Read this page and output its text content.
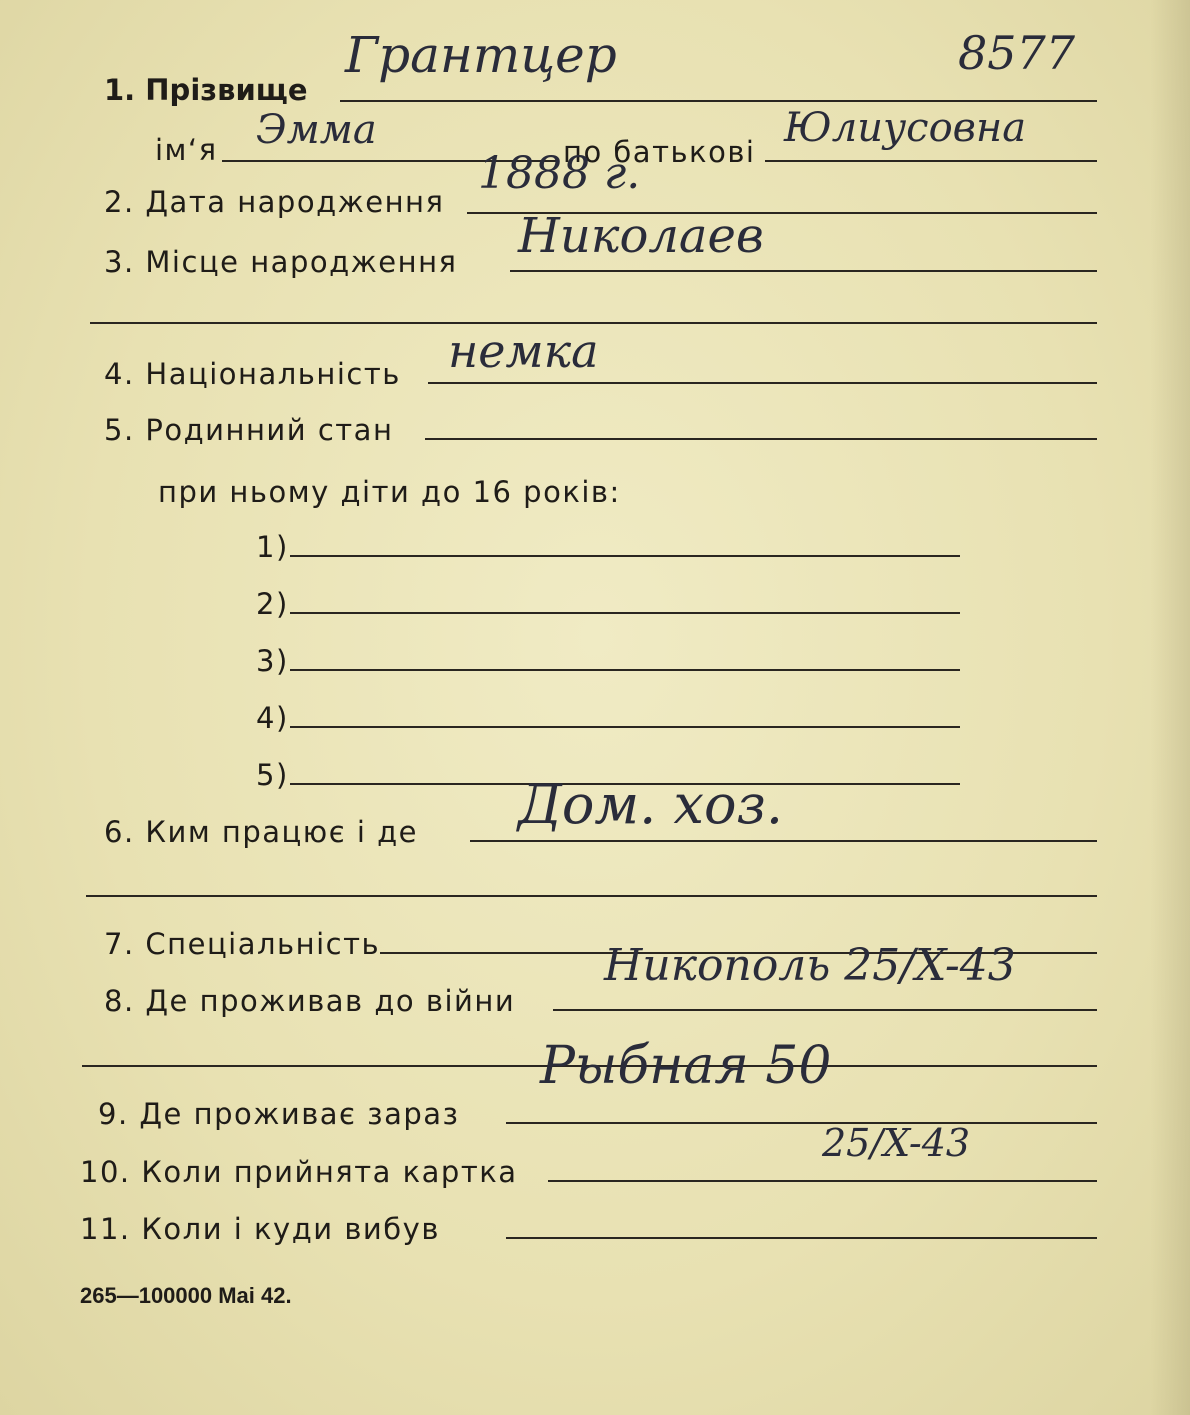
1. Прізвище
Грантцер	8577
ім‘я Эмма	по батькові
Юлиусовна
2. Дата народження
1888 г.
3. Місце народження Николаев
4. Національність немка
5. Родинний стан
при ньому діти до 16 років:
1)
2)
3)
4)
5)
6. Ким працює і де Дом. хоз.
7. Спеціальність
8. Де проживав до війни
Никополь 25/X-43
9. Де проживає зараз
Рыбная 50
10. Коли прийнята картка
25/X-43
11. Коли і куди вибув
265—100000 Mai 42.
